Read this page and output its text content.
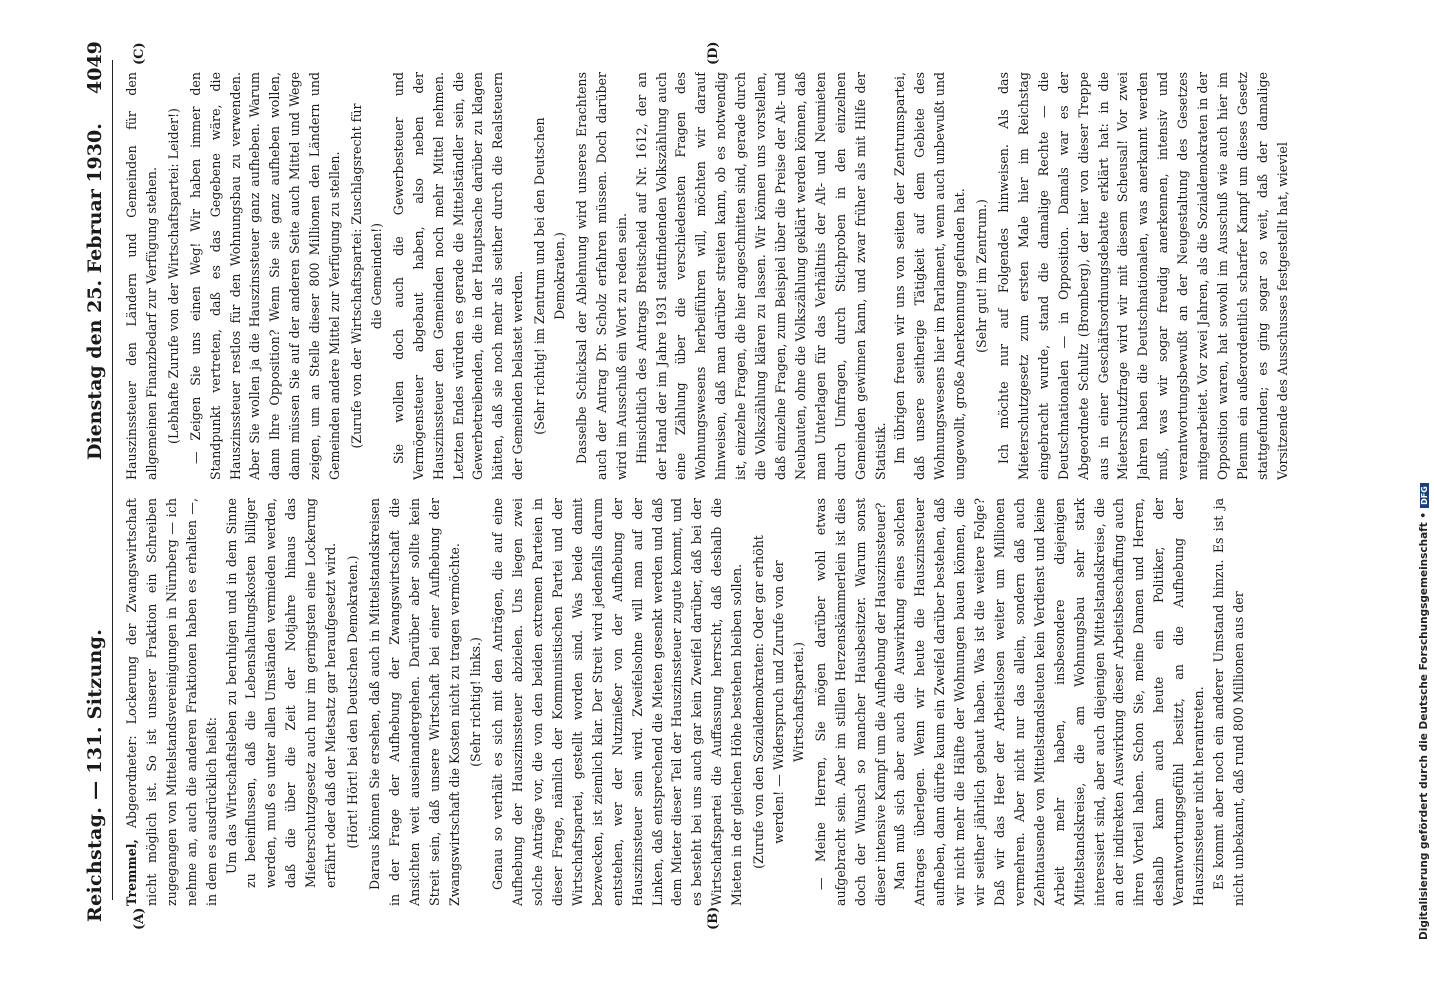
Reichstag. — 131. Sitzung.
Dienstag den 25. Februar 1930.
4049
(A)	(B)
(C)	(D)

Tremmel, Abgeordneter: Lockerung der Zwangswirtschaft nicht möglich ist. So ist unserer Fraktion ein Schreiben zugegangen von Mittelstandsvereinigungen in Nürnberg — ich nehme an, auch die anderen Fraktionen haben es erhalten —, in dem es ausdrücklich heißt: Um das Wirtschaftsleben zu beruhigen und in dem Sinne zu beeinflussen, daß die Lebenshaltungskosten billiger werden, muß es unter allen Umständen vermieden werden, daß die über die Zeit der Notjahre hinaus das Mieterschutzgesetz auch nur im geringsten eine Lockerung erfährt oder daß der Mietsatz gar heraufgesetzt wird. (Hört! Hört! bei den Deutschen Demokraten.) Daraus können Sie ersehen, daß auch in Mittelstandskreisen in der Frage der Aufhebung der Zwangswirtschaft die Ansichten weit auseinandergehen. Darüber aber sollte kein Streit sein, daß unsere Wirtschaft bei einer Aufhebung der Zwangswirtschaft die Kosten nicht zu tragen vermöchte. (Sehr richtig! links.) Genau so verhält es sich mit den Anträgen, die auf eine Aufhebung der Hauszinssteuer abzielen. Uns liegen zwei solche Anträge vor, die von den beiden extremen Parteien in dieser Frage, nämlich der Kommunistischen Partei und der Wirtschaftspartei, gestellt worden sind. Was beide damit bezwecken, ist ziemlich klar. Der Streit wird jedenfalls darum entstehen, wer der Nutznießer von der Aufhebung der Hauszinssteuer sein wird. Zweifelsohne will man auf der Linken, daß entsprechend die Mieten gesenkt werden und daß dem Mieter dieser Teil der Hauszinssteuer zugute kommt, und es besteht bei uns auch gar kein Zweifel darüber, daß bei der Wirtschaftspartei die Auffassung herrscht, daß deshalb die Mieten in der gleichen Höhe bestehen bleiben sollen. (Zurufe von den Sozialdemokraten: Oder gar erhöht werden! — Widerspruch und Zurufe von der Wirtschaftspartei.) — Meine Herren, Sie mögen darüber wohl etwas aufgebracht sein. Aber im stillen Herzenskämmerlein ist dies doch der Wunsch so mancher Hausbesitzer. Warum sonst dieser intensive Kampf um die Aufhebung der Hauszinssteuer? Man muß sich aber auch die Auswirkung eines solchen Antrages überlegen. Wenn wir heute die Hauszinssteuer aufheben, dann dürfte kaum ein Zweifel darüber bestehen, daß wir nicht mehr die Hälfte der Wohnungen bauen können, die wir seither jährlich gebaut haben. Was ist die weitere Folge? Daß wir das Heer der Arbeitslosen weiter um Millionen vermehren. Aber nicht nur das allein, sondern daß auch Zehntausende von Mittelstandsleuten kein Verdienst und keine Arbeit mehr haben, insbesondere diejenigen Mittelstandskreise, die am Wohnungsbau sehr stark interessiert sind, aber auch diejenigen Mittelstandskreise, die an der indirekten Auswirkung dieser Arbeitsbeschaffung auch ihren Vorteil haben. Schon Sie, meine Damen und Herren, deshalb kann auch heute ein Politiker, der Verantwortungsgefühl besitzt, an die Aufhebung der Hauszinssteuer nicht herantreten. Es kommt aber noch ein anderer Umstand hinzu. Es ist ja nicht unbekannt, daß rund 800 Millionen aus der

Hauszinssteuer den Ländern und Gemeinden für den allgemeinen Finanzbedarf zur Verfügung stehen. (Lebhafte Zurufe von der Wirtschaftspartei: Leider!) — Zeigen Sie uns einen Weg! Wir haben immer den Standpunkt vertreten, daß es das Gegebene wäre, die Hauszinssteuer restlos für den Wohnungsbau zu verwenden. Aber Sie wollen ja die Hauszinssteuer ganz aufheben. Warum dann Ihre Opposition? Wenn Sie sie ganz aufheben wollen, dann müssen Sie auf der anderen Seite auch Mittel und Wege zeigen, um an Stelle dieser 800 Millionen den Ländern und Gemeinden andere Mittel zur Verfügung zu stellen. (Zurufe von der Wirtschaftspartei: Zuschlagsrecht für die Gemeinden!) Sie wollen doch auch die Gewerbesteuer und Vermögensteuer abgebaut haben, also neben der Hauszinssteuer den Gemeinden noch mehr Mittel nehmen. Letzten Endes würden es gerade die Mittelständler sein, die Gewerbetreibenden, die in der Hauptsache darüber zu klagen hätten, daß sie noch mehr als seither durch die Realsteuern der Gemeinden belastet werden. (Sehr richtig! im Zentrum und bei den Deutschen Demokraten.) Dasselbe Schicksal der Ablehnung wird unseres Erachtens auch der Antrag Dr. Scholz erfahren müssen. Doch darüber wird im Ausschuß ein Wort zu reden sein. Hinsichtlich des Antrags Breitscheid auf Nr. 1612, der an der Hand der im Jahre 1931 stattfindenden Volkszählung auch eine Zählung über die verschiedensten Fragen des Wohnungswesens herbeiführen will, möchten wir darauf hinweisen, daß man darüber streiten kann, ob es notwendig ist, einzelne Fragen, die hier angeschnitten sind, gerade durch die Volkszählung klären zu lassen. Wir können uns vorstellen, daß einzelne Fragen, zum Beispiel über die Preise der Alt- und Neubauten, ohne die Volkszählung geklärt werden können, daß man Unterlagen für das Verhältnis der Alt- und Neumieten durch Umfragen, durch Stichproben in den einzelnen Gemeinden gewinnen kann, und zwar früher als mit Hilfe der Statistik. Im übrigen freuen wir uns von seiten der Zentrumspartei, daß unsere seitherige Tätigkeit auf dem Gebiete des Wohnungswesens hier im Parlament, wenn auch unbewußt und ungewollt, große Anerkennung gefunden hat. (Sehr gut! im Zentrum.) Ich möchte nur auf Folgendes hinweisen. Als das Mieterschutzgesetz zum ersten Male hier im Reichstag eingebracht wurde, stand die damalige Rechte — die Deutschnationalen — in Opposition. Damals war es der Abgeordnete Schultz (Bromberg), der hier von dieser Treppe aus in einer Geschäftsordnungsdebatte erklärt hat: in die Mieterschutzfrage wird wir mit diesem Scheusal! Vor zwei Jahren haben die Deutschnationalen, was anerkannt werden muß, was wir sogar freudig anerkennen, intensiv und verantwortungsbewußt an der Neugestaltung des Gesetzes mitgearbeitet. Vor zwei Jahren, als die Sozialdemokraten in der Opposition waren, hat sowohl im Ausschuß wie auch hier im Plenum ein außerordentlich scharfer Kampf um dieses Gesetz stattgefunden; es ging sogar so weit, daß der damalige Vorsitzende des Ausschusses festgestellt hat, wieviel

Digitalisierung gefördert durch die Deutsche Forschungsgemeinschaft •DFG
